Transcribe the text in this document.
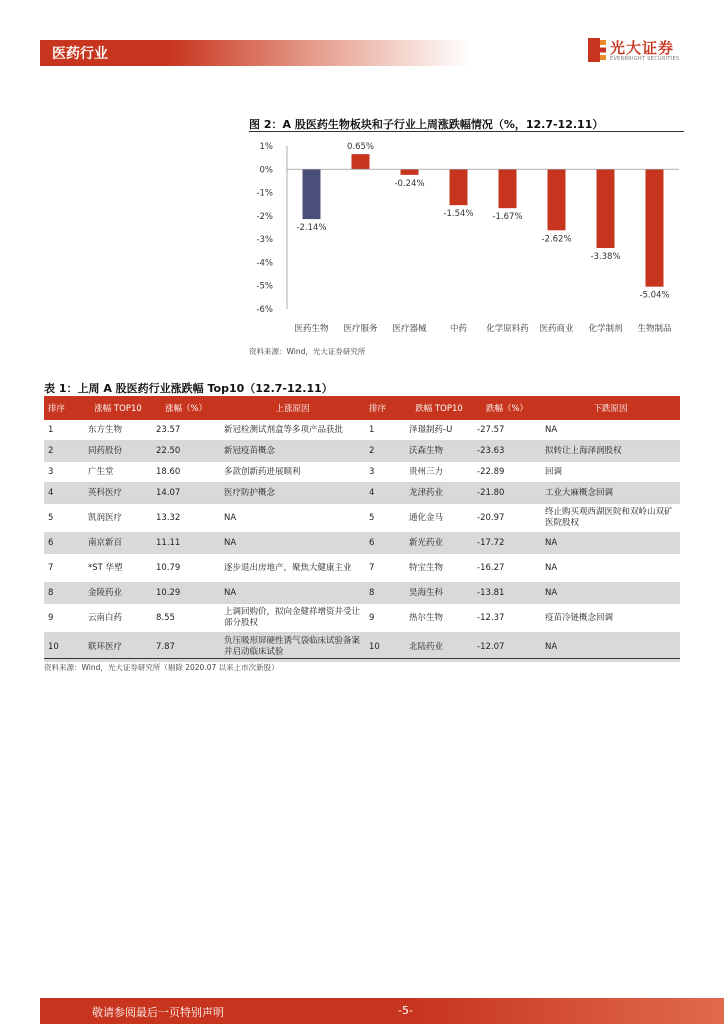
医药行业	光大证券
EVERBRIGHT SECURITIES
图 2：A 股医药生物板块和子行业上周涨跌幅情况（%，12.7-12.11）
1%
0%
-1%
-2%
-3%
-4%
-5%
-6%
-2.14%
医药生物
0.65%
医疗服务
-0.24%
医疗器械
-1.54%
中药
-1.67%
化学原料药
-2.62%
医药商业
-3.38%
化学制剂
-5.04%
生物制品
资料来源：Wind，光大证券研究所
表 1：上周 A 股医药行业涨跌幅 Top10（12.7-12.11）
排序	涨幅 TOP10	涨幅（%）	上涨原因	排序	跌幅 TOP10	跌幅（%）	下跌原因
1	东方生物	23.57	新冠检测试剂盒等多项产品获批	1	泽璟制药-U	-27.57	NA
2	同药股份	22.50	新冠疫苗概念	2	沃森生物	-23.63	拟转让上海泽润股权
3	广生堂	18.60	多款创新药进展顺利	3	贵州三力	-22.89	回调
4	英科医疗	14.07	医疗防护概念	4	龙津药业	-21.80	工业大麻概念回调
5	凯润医疗	13.32	NA	5	通化金马	-20.97	终止购买观西湖医院和双岭山双矿医院股权
6	南京新百	11.11	NA	6	新光药业	-17.72	NA
7	*ST 华塑	10.79	逐步退出房地产，聚焦大健康主业	7	特宝生物	-16.27	NA
8	金陵药业	10.29	NA	8	昊海生科	-13.81	NA
9	云南白药	8.55	上调回购价，拟向金健祥增资并受让部分股权	9	热尔生物	-12.37	疫苗冷链概念回调
10	联环医疗	7.87	负压吸形屏硬性诱气袋临床试验备案并启动临床试验	10	北陆药业	-12.07	NA
资料来源：Wind，光大证券研究所（剔除 2020.07 以来上市次新股）
敬请参阅最后一页特别声明	-5-
